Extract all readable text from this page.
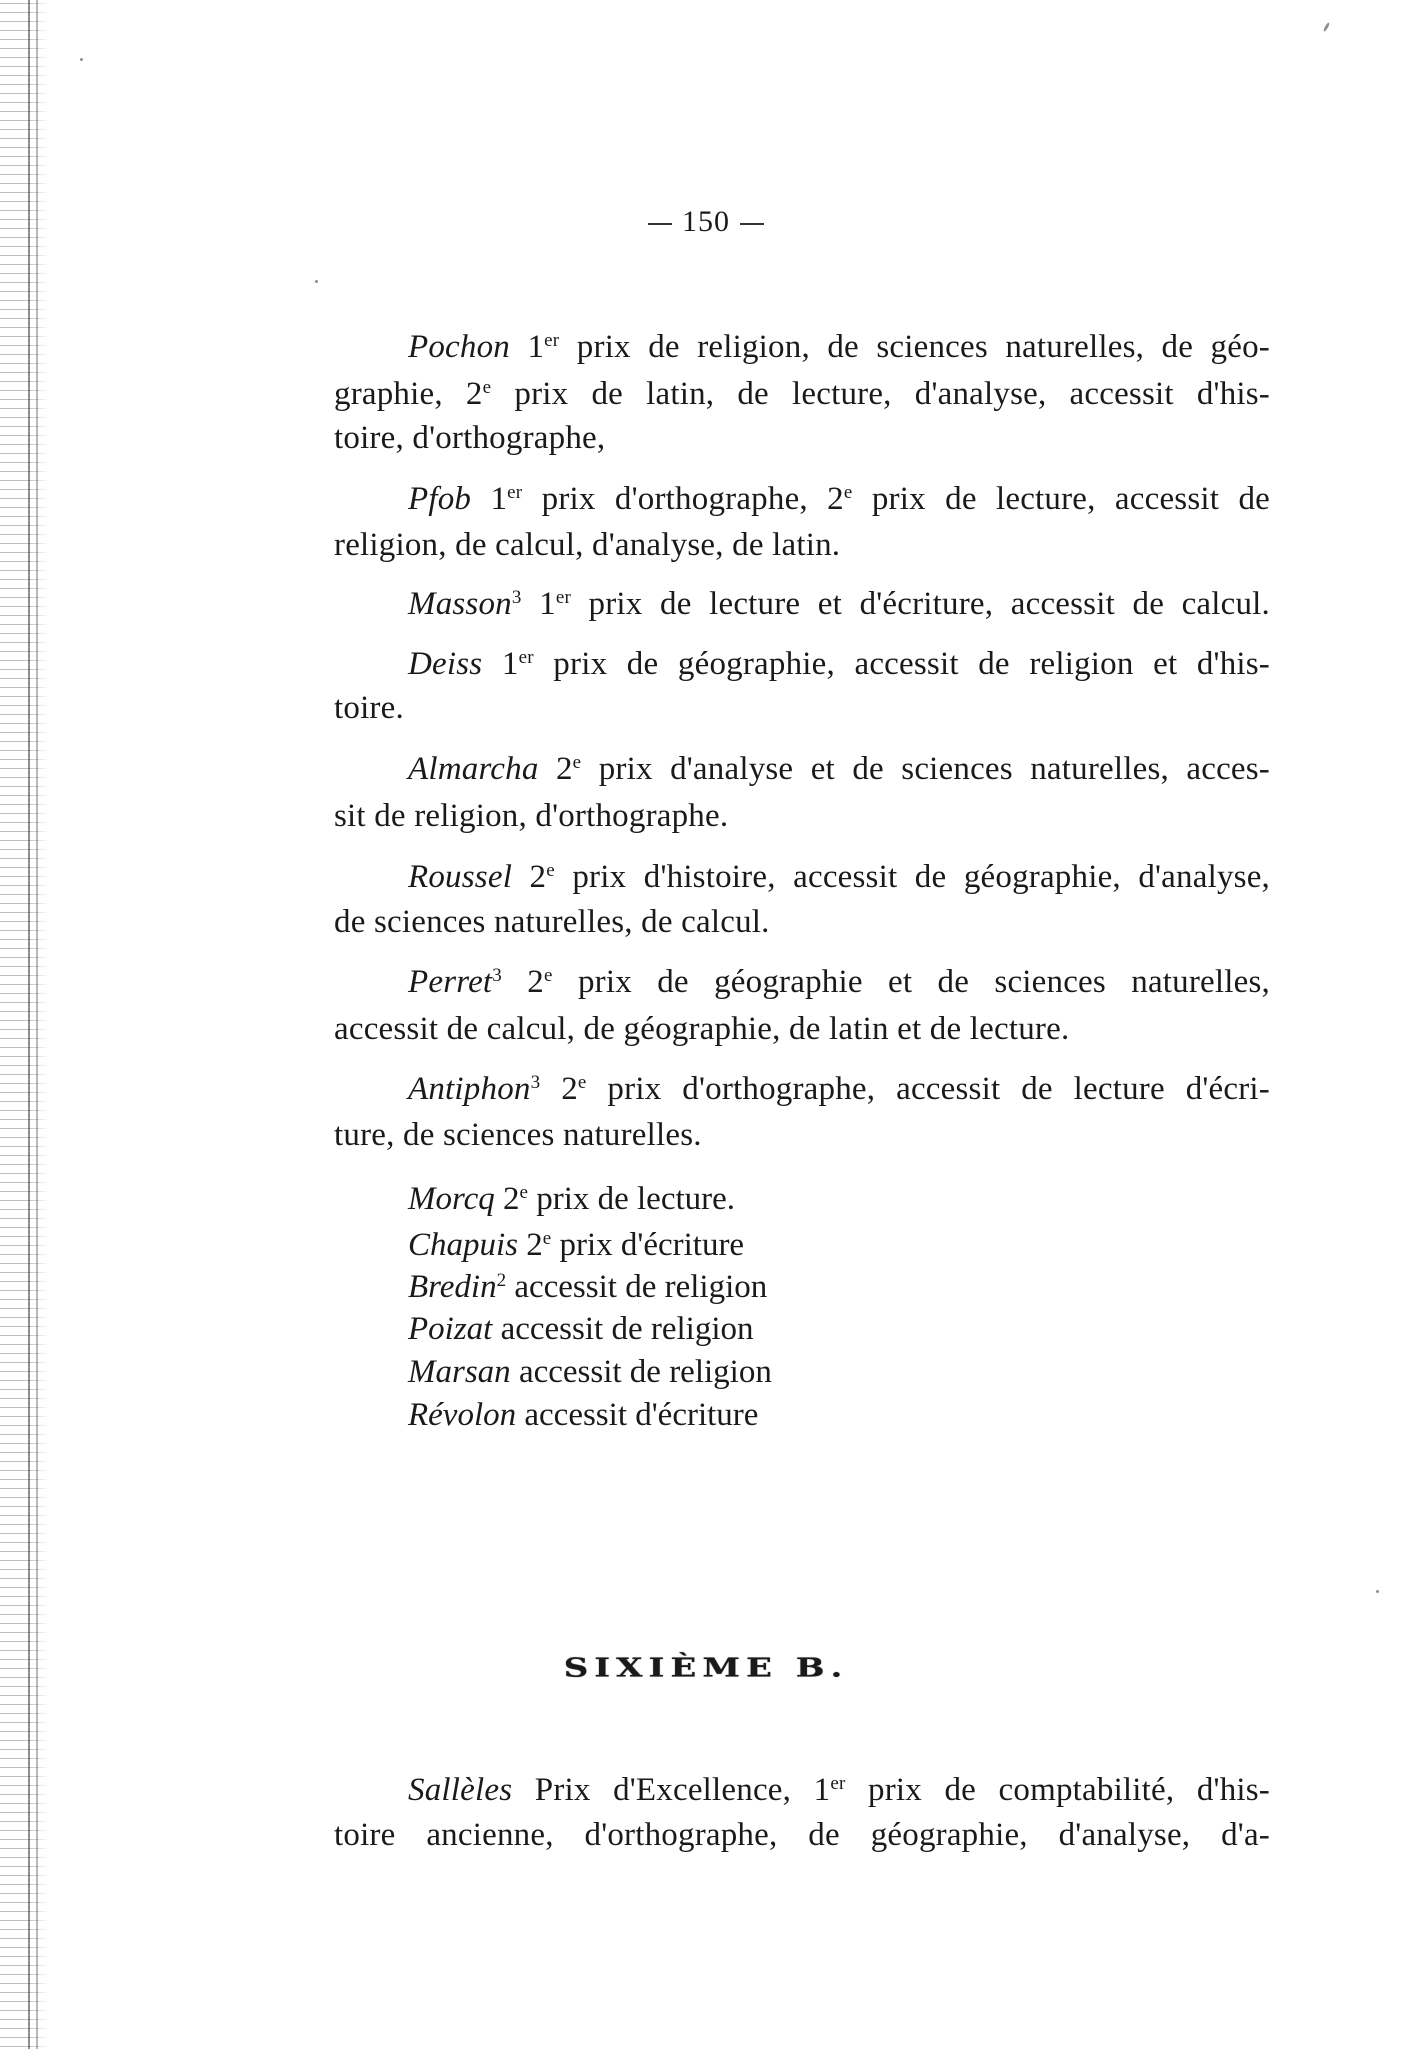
150
Pochon 1er prix de religion, de sciences naturelles, de géo-
graphie, 2e prix de latin, de lecture, d'analyse, accessit d'his-
toire, d'orthographe,
Pfob 1er prix d'orthographe, 2e prix de lecture, accessit de
religion, de calcul, d'analyse, de latin.
Masson$^3$ 1er prix de lecture et d'écriture, accessit de calcul.
Deiss 1er prix de géographie, accessit de religion et d'his-
toire.
Almarcha 2e prix d'analyse et de sciences naturelles, acces-
sit de religion, d'orthographe.
Roussel 2e prix d'histoire, accessit de géographie, d'analyse,
de sciences naturelles, de calcul.
Perret$^3$ 2e prix de géographie et de sciences naturelles,
accessit de calcul, de géographie, de latin et de lecture.
Antiphon$^3$ 2e prix d'orthographe, accessit de lecture d'écri-
ture, de sciences naturelles.
Morcq 2e prix de lecture.
Chapuis 2e prix d'écriture
Bredin$^2$ accessit de religion
Poizat accessit de religion
Marsan accessit de religion
Révolon accessit d'écriture
SIXIÈME B.
Sallèles Prix d'Excellence, 1er prix de comptabilité, d'his-
toire ancienne, d'orthographe, de géographie, d'analyse, d'a-
